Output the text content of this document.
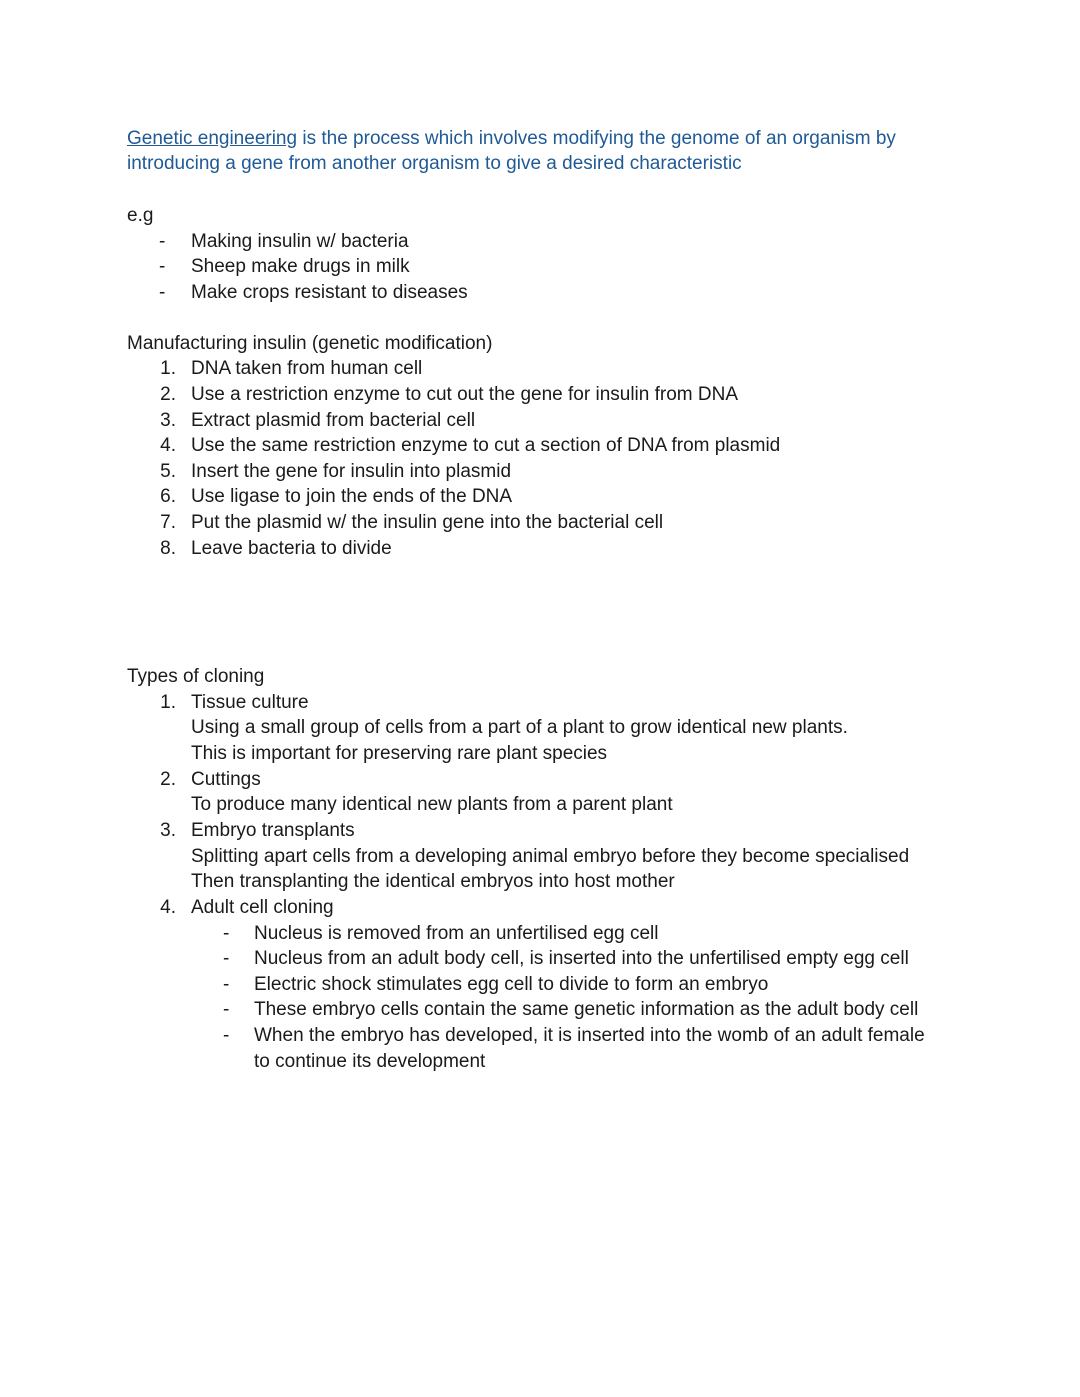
Genetic engineering is the process which involves modifying the genome of an organism by
introducing a gene from another organism to give a desired characteristic
e.g
- Making insulin w/ bacteria
- Sheep make drugs in milk
- Make crops resistant to diseases
Manufacturing insulin (genetic modification)
1. DNA taken from human cell
2. Use a restriction enzyme to cut out the gene for insulin from DNA
3. Extract plasmid from bacterial cell
4. Use the same restriction enzyme to cut a section of DNA from plasmid
5. Insert the gene for insulin into plasmid
6. Use ligase to join the ends of the DNA
7. Put the plasmid w/ the insulin gene into the bacterial cell
8. Leave bacteria to divide
Types of cloning
1. Tissue culture
Using a small group of cells from a part of a plant to grow identical new plants.
This is important for preserving rare plant species
2. Cuttings
To produce many identical new plants from a parent plant
3. Embryo transplants
Splitting apart cells from a developing animal embryo before they become specialised
Then transplanting the identical embryos into host mother
4. Adult cell cloning
- Nucleus is removed from an unfertilised egg cell
- Nucleus from an adult body cell, is inserted into the unfertilised empty egg cell
- Electric shock stimulates egg cell to divide to form an embryo
- These embryo cells contain the same genetic information as the adult body cell
- When the embryo has developed, it is inserted into the womb of an adult female
to continue its development
